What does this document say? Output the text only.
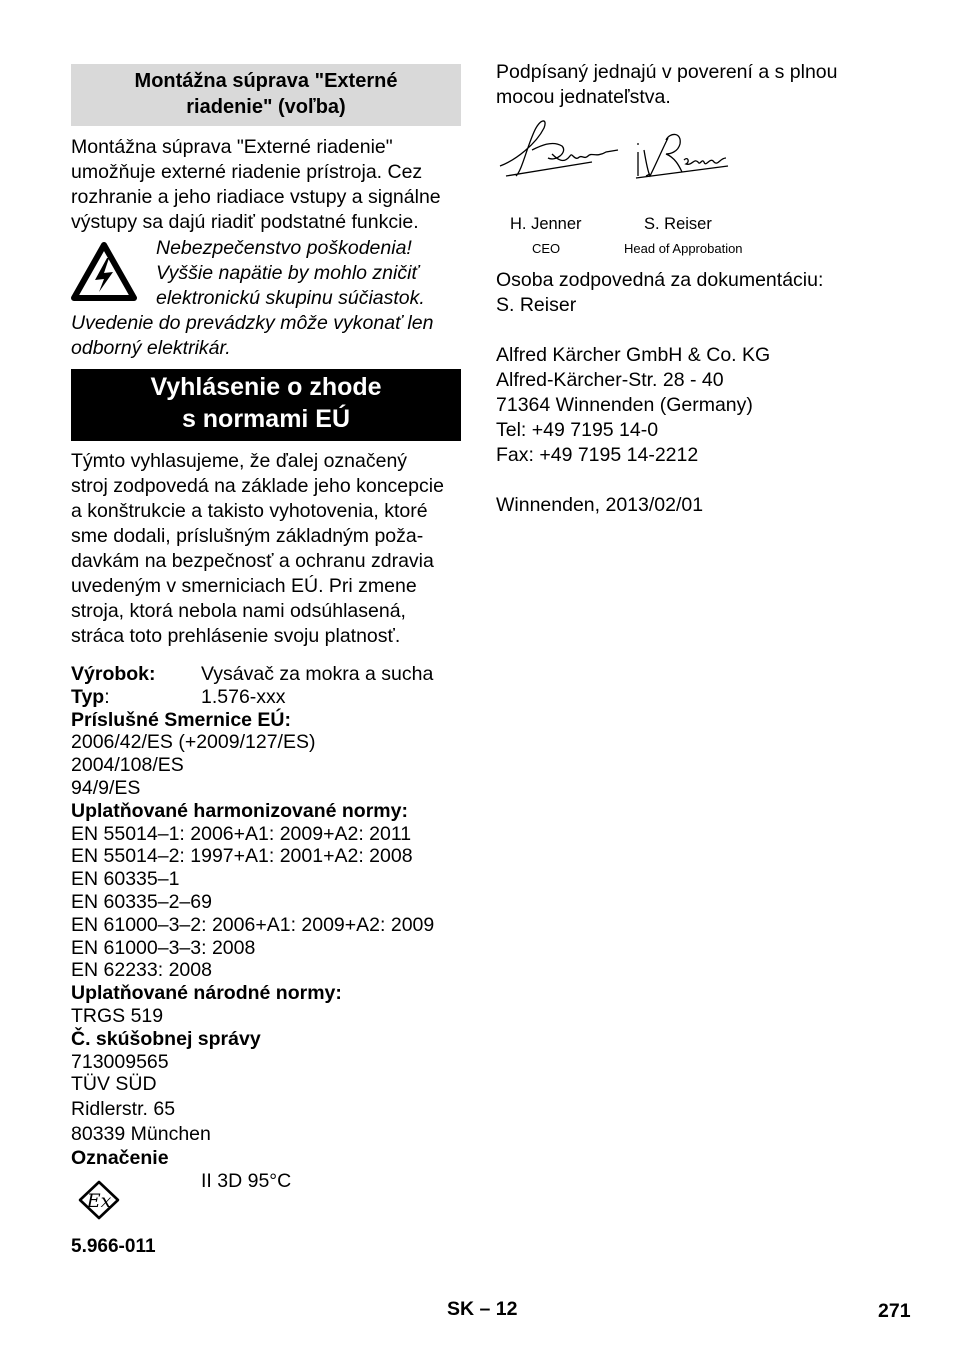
Montážna súprava "Externé
riadenie" (voľba)
Montážna súprava "Externé riadenie"
umožňuje externé riadenie prístroja. Cez
rozhranie a jeho riadiace vstupy a signálne
výstupy sa dajú riadiť podstatné funkcie.
Nebezpečenstvo poškodenia!
Vyššie napätie by mohlo zničiť
elektronickú skupinu súčiastok.
Uvedenie do prevádzky môže vykonať len
odborný elektrikár.
Vyhlásenie o zhode
s normami EÚ
Týmto vyhlasujeme, že ďalej označený
stroj zodpovedá na základe jeho koncepcie
a konštrukcie a takisto vyhotovenia, ktoré
sme dodali, príslušným základným poža-
davkám na bezpečnosť a ochranu zdravia
uvedeným v smerniciach EÚ. Pri zmene
stroja, ktorá nebola nami odsúhlasená,
stráca toto prehlásenie svoju platnosť.
Výrobok:	Vysávač za mokra a sucha
Typ:	1.576-xxx
Príslušné Smernice EÚ:
2006/42/ES (+2009/127/ES)
2004/108/ES
94/9/ES
Uplatňované harmonizované normy:
EN 55014–1: 2006+A1: 2009+A2: 2011
EN 55014–2: 1997+A1: 2001+A2: 2008
EN 60335–1
EN 60335–2–69
EN 61000–3–2: 2006+A1: 2009+A2: 2009
EN 61000–3–3: 2008
EN 62233: 2008
Uplatňované národné normy:
TRGS 519
Č. skúšobnej správy
713009565
TÜV SÜD
Ridlerstr. 65
80339 München
Označenie
Ex
II 3D 95°C
Podpísaný jednajú v poverení a s plnou
mocou jednateľstva.
H. Jenner	S. Reiser
CEO	Head of Approbation
Osoba zodpovedná za dokumentáciu:
S. Reiser
Alfred Kärcher GmbH & Co. KG
Alfred-Kärcher-Str. 28 - 40
71364 Winnenden (Germany)
Tel: +49 7195 14-0
Fax: +49 7195 14-2212
Winnenden, 2013/02/01
5.966-011
SK – 12	271
